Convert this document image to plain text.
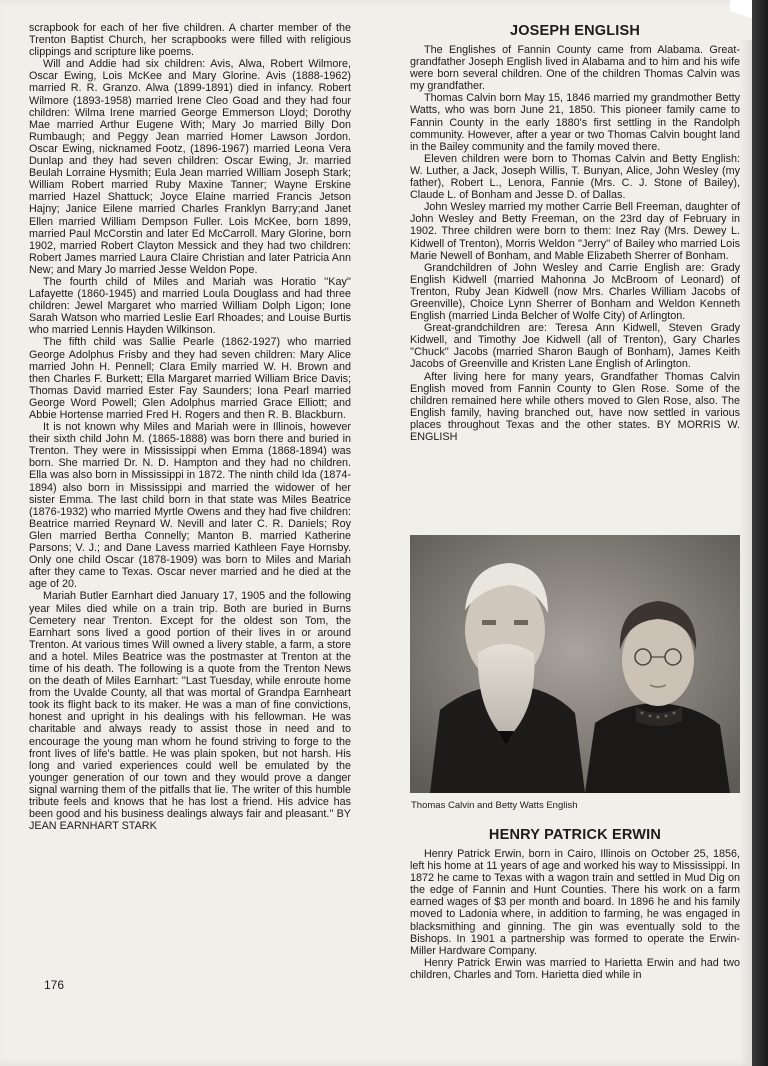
scrapbook for each of her five children. A charter member of the Trenton Baptist Church, her scrapbooks were filled with religious clippings and scripture like poems.

Will and Addie had six children: Avis, Alwa, Robert Wilmore, Oscar Ewing, Lois McKee and Mary Glorine. Avis (1888-1962) married R. R. Granzo. Alwa (1899-1891) died in infancy. Robert Wilmore (1893-1958) married Irene Cleo Goad and they had four children: Wilma Irene married George Emmerson Lloyd; Dorothy Mae married Arthur Eugene With; Mary Jo married Billy Don Rumbaugh; and Peggy Jean married Homer Lawson Jordon. Oscar Ewing, nicknamed Footz, (1896-1967) married Leona Vera Dunlap and they had seven children: Oscar Ewing, Jr. married Beulah Lorraine Hysmith; Eula Jean married William Joseph Stark; William Robert married Ruby Maxine Tanner; Wayne Erskine married Hazel Shattuck; Joyce Elaine married Francis Jetson Hajny; Janice Eilene married Charles Franklyn Barry;and Janet Ellen married William Dempson Fuller. Lois McKee, born 1899, married Paul McCorstin and later Ed McCarroll. Mary Glorine, born 1902, married Robert Clayton Messick and they had two children: Robert James married Laura Claire Christian and later Patricia Ann New; and Mary Jo married Jesse Weldon Pope.

The fourth child of Miles and Mariah was Horatio ''Kay'' Lafayette (1860-1945) and married Loula Douglass and had three children: Jewel Margaret who married William Dolph Ligon; Ione Sarah Watson who married Leslie Earl Rhoades; and Louise Burtis who married Lennis Hayden Wilkinson.

The fifth child was Sallie Pearle (1862-1927) who married George Adolphus Frisby and they had seven children: Mary Alice married John H. Pennell; Clara Emily married W. H. Brown and then Charles F. Burkett; Ella Margaret married William Brice Davis; Thomas David married Ester Fay Saunders; Iona Pearl married George Word Powell; Glen Adolphus married Grace Elliott; and Abbie Hortense married Fred H. Rogers and then R. B. Blackburn.

It is not known why Miles and Mariah were in Illinois, however their sixth child John M. (1865-1888) was born there and buried in Trenton. They were in Mississippi when Emma (1868-1894) was born. She married Dr. N. D. Hampton and they had no children. Ella was also born in Mississippi in 1872. The ninth child Ida (1874-1894) also born in Mississippi and married the widower of her sister Emma. The last child born in that state was Miles Beatrice (1876-1932) who married Myrtle Owens and they had five children: Beatrice married Reynard W. Nevill and later C. R. Daniels; Roy Glen married Bertha Connelly; Manton B. married Katherine Parsons; V. J.; and Dane Lavess married Kathleen Faye Hornsby. Only one child Oscar (1878-1909) was born to Miles and Mariah after they came to Texas. Oscar never married and he died at the age of 20.

Mariah Butler Earnhart died January 17, 1905 and the following year Miles died while on a train trip. Both are buried in Burns Cemetery near Trenton. Except for the oldest son Tom, the Earnhart sons lived a good portion of their lives in or around Trenton. At various times Will owned a livery stable, a farm, a store and a hotel. Miles Beatrice was the postmaster at Trenton at the time of his death. The following is a quote from the Trenton News on the death of Miles Earnhart: ''Last Tuesday, while enroute home from the Uvalde County, all that was mortal of Grandpa Earnheart took its flight back to its maker. He was a man of fine convictions, honest and upright in his dealings with his fellowman. He was charitable and always ready to assist those in need and to encourage the young man whom he found striving to forge to the front lives of life's battle. He was plain spoken, but not harsh. His long and varied experiences could well be emulated by the younger generation of our town and they would prove a danger signal warning them of the pitfalls that lie. The writer of this humble tribute feels and knows that he has lost a friend. His advice has been good and his business dealings always fair and pleasant.'' BY JEAN EARNHART STARK

JOSEPH ENGLISH

The Englishes of Fannin County came from Alabama. Great-grandfather Joseph English lived in Alabama and to him and his wife were born several children. One of the children Thomas Calvin was my grandfather.

Thomas Calvin born May 15, 1846 married my grandmother Betty Watts, who was born June 21, 1850. This pioneer family came to Fannin County in the early 1880's first settling in the Randolph community. However, after a year or two Thomas Calvin bought land in the Bailey community and the family moved there.

Eleven children were born to Thomas Calvin and Betty English: W. Luther, a Jack, Joseph Willis, T. Bunyan, Alice, John Wesley (my father), Robert L., Lenora, Fannie (Mrs. C. J. Stone of Bailey), Claude L. of Bonham and Jesse D. of Dallas.

John Wesley married my mother Carrie Bell Freeman, daughter of John Wesley and Betty Freeman, on the 23rd day of February in 1902. Three children were born to them: Inez Ray (Mrs. Dewey L. Kidwell of Trenton), Morris Weldon ''Jerry'' of Bailey who married Lois Marie Newell of Bonham, and Mable Elizabeth Sherrer of Bonham.

Grandchildren of John Wesley and Carrie English are: Grady English Kidwell (married Mahonna Jo McBroom of Leonard) of Trenton, Ruby Jean Kidwell (now Mrs. Charles William Jacobs of Greenville), Choice Lynn Sherrer of Bonham and Weldon Kenneth English (married Linda Belcher of Wolfe City) of Arlington.

Great-grandchildren are: Teresa Ann Kidwell, Steven Grady Kidwell, and Timothy Joe Kidwell (all of Trenton), Gary Charles ''Chuck'' Jacobs (married Sharon Baugh of Bonham), James Keith Jacobs of Greenville and Kristen Lane English of Arlington.

After living here for many years, Grandfather Thomas Calvin English moved from Fannin County to Glen Rose. Some of the children remained here while others moved to Glen Rose, also. The English family, having branched out, have now settled in various places throughout Texas and the other states. BY MORRIS W. ENGLISH

Thomas Calvin and Betty Watts English
HENRY PATRICK ERWIN

Henry Patrick Erwin, born in Cairo, Illinois on October 25, 1856, left his home at 11 years of age and worked his way to Mississippi. In 1872 he came to Texas with a wagon train and settled in Mud Dig on the edge of Fannin and Hunt Counties. There his work on a farm earned wages of $3 per month and board. In 1896 he and his family moved to Ladonia where, in addition to farming, he was engaged in blacksmithing and ginning. The gin was eventually sold to the Bishops. In 1901 a partnership was formed to operate the Erwin-Miller Hardware Company.

Henry Patrick Erwin was married to Harietta Erwin and had two children, Charles and Tom. Harietta died while in

176
